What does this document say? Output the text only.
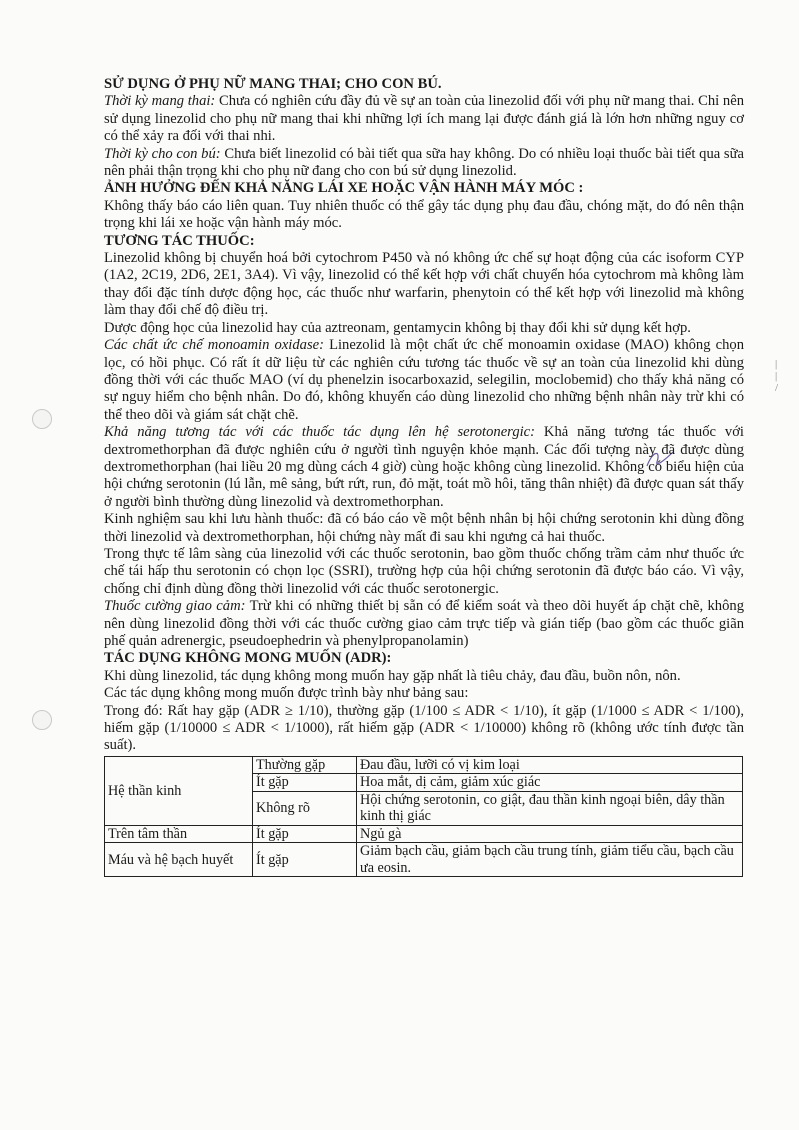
|
|
/

SỬ DỤNG Ở PHỤ NỮ MANG THAI; CHO CON BÚ.

Thời kỳ mang thai: Chưa có nghiên cứu đầy đủ về sự an toàn của linezolid đối với phụ nữ mang thai. Chỉ nên sử dụng linezolid cho phụ nữ mang thai khi những lợi ích mang lại được đánh giá là lớn hơn những nguy cơ có thể xảy ra đối với thai nhi.

Thời kỳ cho con bú: Chưa biết linezolid có bài tiết qua sữa hay không. Do có nhiều loại thuốc bài tiết qua sữa nên phải thận trọng khi cho phụ nữ đang cho con bú sử dụng linezolid.

ẢNH HƯỞNG ĐẾN KHẢ NĂNG LÁI XE HOẶC VẬN HÀNH MÁY MÓC :

Không thấy báo cáo liên quan. Tuy nhiên thuốc có thể gây tác dụng phụ đau đầu, chóng mặt, do đó nên thận trọng khi lái xe hoặc vận hành máy móc.

TƯƠNG TÁC THUỐC:

Linezolid không bị chuyển hoá bởi cytochrom P450 và nó không ức chế sự hoạt động của các isoform CYP (1A2, 2C19, 2D6, 2E1, 3A4). Vì vậy, linezolid có thể kết hợp với chất chuyển hóa cytochrom mà không làm thay đổi đặc tính dược động học, các thuốc như warfarin, phenytoin có thể kết hợp với linezolid mà không làm thay đổi chế độ điều trị.

Dược động học của linezolid hay của aztreonam, gentamycin không bị thay đổi khi sử dụng kết hợp.

Các chất ức chế monoamin oxidase: Linezolid là một chất ức chế monoamin oxidase (MAO) không chọn lọc, có hồi phục. Có rất ít dữ liệu từ các nghiên cứu tương tác thuốc về sự an toàn của linezolid khi dùng đồng thời với các thuốc MAO (ví dụ phenelzin isocarboxazid, selegilin, moclobemid) cho thấy khả năng có sự nguy hiểm cho bệnh nhân. Do đó, không khuyến cáo dùng linezolid cho những bệnh nhân này trừ khi có thể theo dõi và giám sát chặt chẽ.

Khả năng tương tác với các thuốc tác dụng lên hệ serotonergic: Khả năng tương tác thuốc với dextromethorphan đã được nghiên cứu ở người tình nguyện khỏe mạnh. Các đối tượng này đã được dùng dextromethorphan (hai liều 20 mg dùng cách 4 giờ) cùng hoặc không cùng linezolid. Không có biểu hiện của hội chứng serotonin (lú lẫn, mê sảng, bứt rứt, run, đỏ mặt, toát mồ hôi, tăng thân nhiệt) đã được quan sát thấy ở người bình thường dùng linezolid và dextromethorphan.

Kinh nghiệm sau khi lưu hành thuốc: đã có báo cáo về một bệnh nhân bị hội chứng serotonin khi dùng đồng thời linezolid và dextromethorphan, hội chứng này mất đi sau khi ngưng cả hai thuốc.

Trong thực tế lâm sàng của linezolid với các thuốc serotonin, bao gồm thuốc chống trầm cảm như thuốc ức chế tái hấp thu serotonin có chọn lọc (SSRI), trường hợp của hội chứng serotonin đã được báo cáo. Vì vậy, chống chỉ định dùng đồng thời linezolid với các thuốc serotonergic.

Thuốc cường giao cảm: Trừ khi có những thiết bị sẵn có để kiểm soát và theo dõi huyết áp chặt chẽ, không nên dùng linezolid đồng thời với các thuốc cường giao cảm trực tiếp và gián tiếp (bao gồm các thuốc giãn phế quản adrenergic, pseudoephedrin và phenylpropanolamin)

TÁC DỤNG KHÔNG MONG MUỐN (ADR):

Khi dùng linezolid, tác dụng không mong muốn hay gặp nhất là tiêu chảy, đau đầu, buồn nôn, nôn.

Các tác dụng không mong muốn được trình bày như bảng sau:

Trong đó: Rất hay gặp (ADR ≥ 1/10), thường gặp (1/100 ≤ ADR < 1/10), ít gặp (1/1000 ≤ ADR < 1/100), hiếm gặp (1/10000 ≤ ADR < 1/1000), rất hiếm gặp (ADR < 1/10000) không rõ (không ước tính được tần suất).

Hệ thần kinh	Thường gặp	Đau đầu, lưỡi có vị kim loại
	Ít gặp	Hoa mắt, dị cảm, giảm xúc giác
	Không rõ	Hội chứng serotonin, co giật, đau thần kinh ngoại biên, dây thần kinh thị giác
Trên tâm thần	Ít gặp	Ngủ gà
Máu và hệ bạch huyết	Ít gặp	Giảm bạch cầu, giảm bạch cầu trung tính, giảm tiểu cầu, bạch cầu ưa eosin.
